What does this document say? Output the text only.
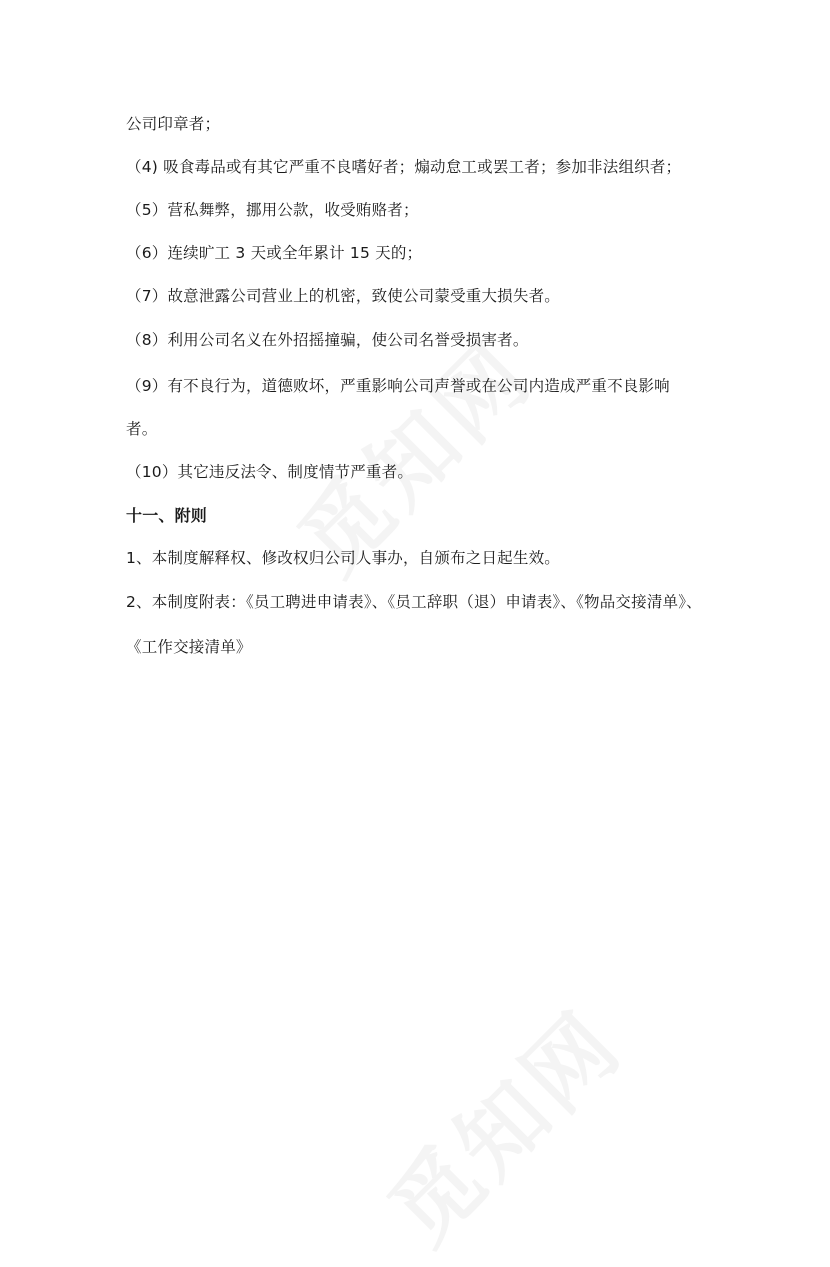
公司印章者；
（4) 吸食毒品或有其它严重不良嗜好者；煽动怠工或罢工者；参加非法组织者；
（5）营私舞弊，挪用公款，收受贿赂者；
（6）连续旷工 3 天或全年累计 15 天的；
（7）故意泄露公司营业上的机密，致使公司蒙受重大损失者。
（8）利用公司名义在外招摇撞骗，使公司名誉受损害者。
（9）有不良行为，道德败坏，严重影响公司声誉或在公司内造成严重不良影响
者。
（10）其它违反法令、制度情节严重者。
十一、附则
1、本制度解释权、修改权归公司人事办，自颁布之日起生效。
2、本制度附表：《员工聘进申请表》、《员工辞职（退）申请表》、《物品交接清单》、
《工作交接清单》
